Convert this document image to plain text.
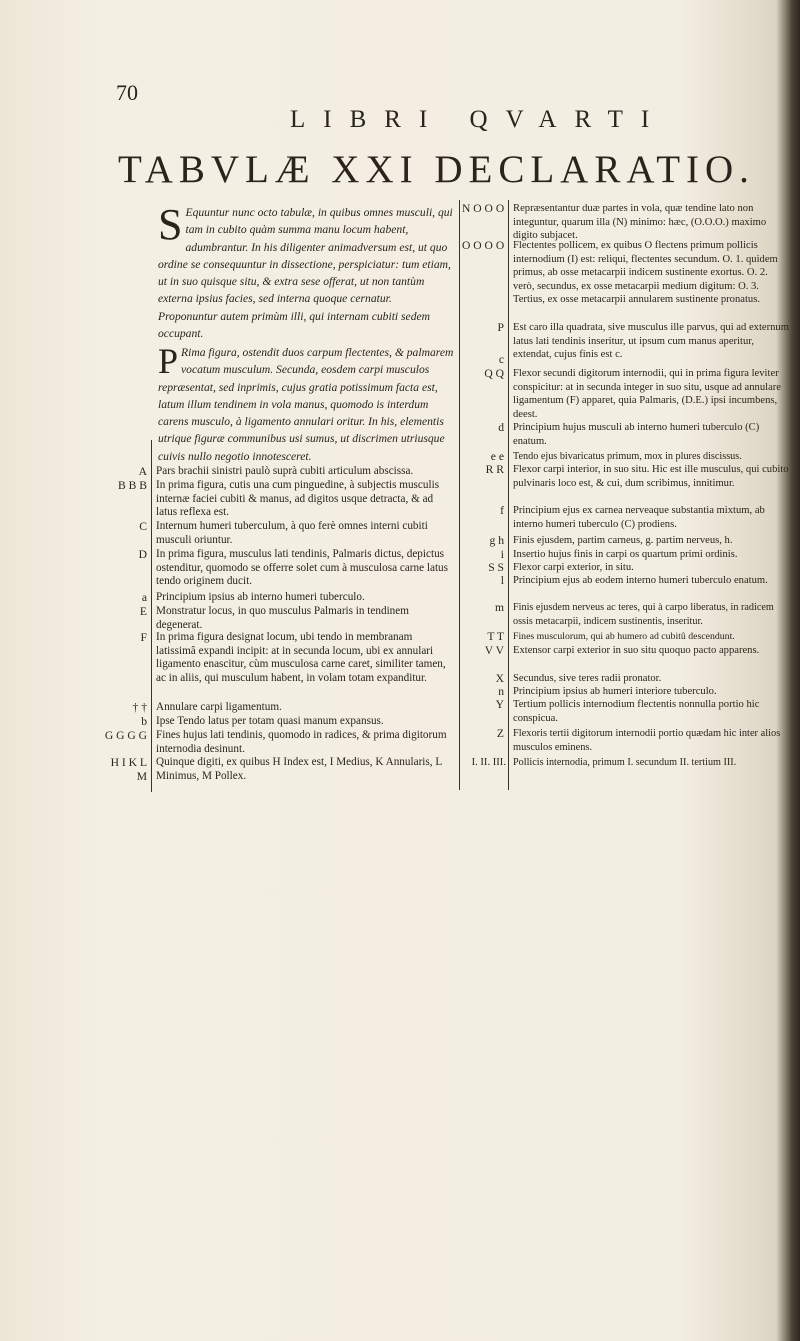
70
LIBRI QVARTI
TABVLÆ XXI DECLARATIO.
S Equuntur nunc octo tabulæ, in quibus omnes musculi, qui tam in cubito quàm summa manu locum habent, adumbrantur. In his diligenter animadversum est, ut quo ordine se consequuntur in dissectione, perspiciatur: tum etiam, ut in suo quisque situ, & extra sese offerat, ut non tantùm externa ipsius facies, sed interna quoque cernatur. Proponuntur autem primùm illi, qui internam cubiti sedem occupant.
P Rima figura, ostendit duos carpum flectentes, & palmarem vocatum musculum. Secunda, eosdem carpi musculos repræsentat, sed inprimis, cujus gratia potissimum facta est, latum illum tendinem in vola manus, quomodo is interdum carens musculo, à ligamento annulari oritur. In his, elementis utrique figuræ communibus usi sumus, ut discrimen utriusque cuivis nullo negotio innotesceret.
A Pars brachii sinistri paulò suprà cubiti articulum abscissa.
B B B In prima figura, cutis una cum pinguedine, à subjectis musculis internæ faciei cubiti & manus, ad digitos usque detracta, & ad latus reflexa est.
C Internum humeri tuberculum, à quo ferè omnes interni cubiti musculi oriuntur.
D In prima figura, musculus lati tendinis, Palmaris dictus, depictus ostenditur, quomodo se offerre solet cum à musculosa carne latus tendo originem ducit.
a Principium ipsius ab interno humeri tuberculo.
E Monstratur locus, in quo musculus Palmaris in tendinem degenerat.
F In prima figura designat locum, ubi tendo in membranam latissimâ expandi incipit: at in secunda locum, ubi ex annulari ligamento enascitur, cùm musculosa carne caret, similiter tamen, ac in aliis, qui musculum habent, in volam totam expanditur.
† † Annulare carpi ligamentum.
b Ipse Tendo latus per totam quasi manum expansus.
G G G G Fines hujus lati tendinis, quomodo in radices, & prima digitorum internodia desinunt.
H I K L M
Quinque digiti, ex quibus H Index est, I Medius, K Annularis, L Minimus, M Pollex.
N O O O Repræsentantur duæ partes in vola, quæ tendine lato non integuntur, quarum illa (N) minimo: hæc, (O.O.O.) maximo digito subjacet.
O O O O Flectentes pollicem, ex quibus O flectens primum pollicis internodium (I) est: reliqui, flectentes secundum. O. 1. quidem primus, ab osse metacarpii indicem sustinente exortus. O. 2. verò, secundus, ex osse metacarpii medium digitum: O. 3. Tertius, ex osse metacarpii annularem sustinente pronatus.
P Est caro illa quadrata, sive musculus ille parvus, qui ad externum latus lati tendinis inseritur, ut ipsum cum manus aperitur, extendat, cujus finis est c.
c
Q Q Flexor secundi digitorum internodii, qui in prima figura leviter conspicitur: at in secunda integer in suo situ, usque ad annulare ligamentum (F) apparet, quia Palmaris, (D.E.) ipsi incumbens, deest.
d Principium hujus musculi ab interno humeri tuberculo (C) enatum.
e e Tendo ejus bivaricatus primum, mox in plures discissus.
R R Flexor carpi interior, in suo situ. Hic est ille musculus, qui cubito pulvinaris loco est, & cui, dum scribimus, innitimur.
f Principium ejus ex carnea nerveaque substantia mixtum, ab interno humeri tuberculo (C) prodiens.
g h Finis ejusdem, partim carneus, g. partim nerveus, h.
i Insertio hujus finis in carpi os quartum primi ordinis.
S S Flexor carpi exterior, in situ.
l Principium ejus ab eodem interno humeri tuberculo enatum.
m Finis ejusdem nerveus ac teres, qui à carpo liberatus, in radicem ossis metacarpii, indicem sustinentis, inseritur.
T T Fines musculorum, qui ab humero ad cubitû descendunt.
V V Extensor carpi exterior in suo situ quoquo pacto apparens.
X Secundus, sive teres radii pronator.
n Principium ipsius ab humeri interiore tuberculo.
Y Tertium pollicis internodium flectentis nonnulla portio hic conspicua.
Z Flexoris tertii digitorum internodii portio quædam hic inter alios musculos eminens.
I. II. III. Pollicis internodia, primum I. secundum II. tertium III.
